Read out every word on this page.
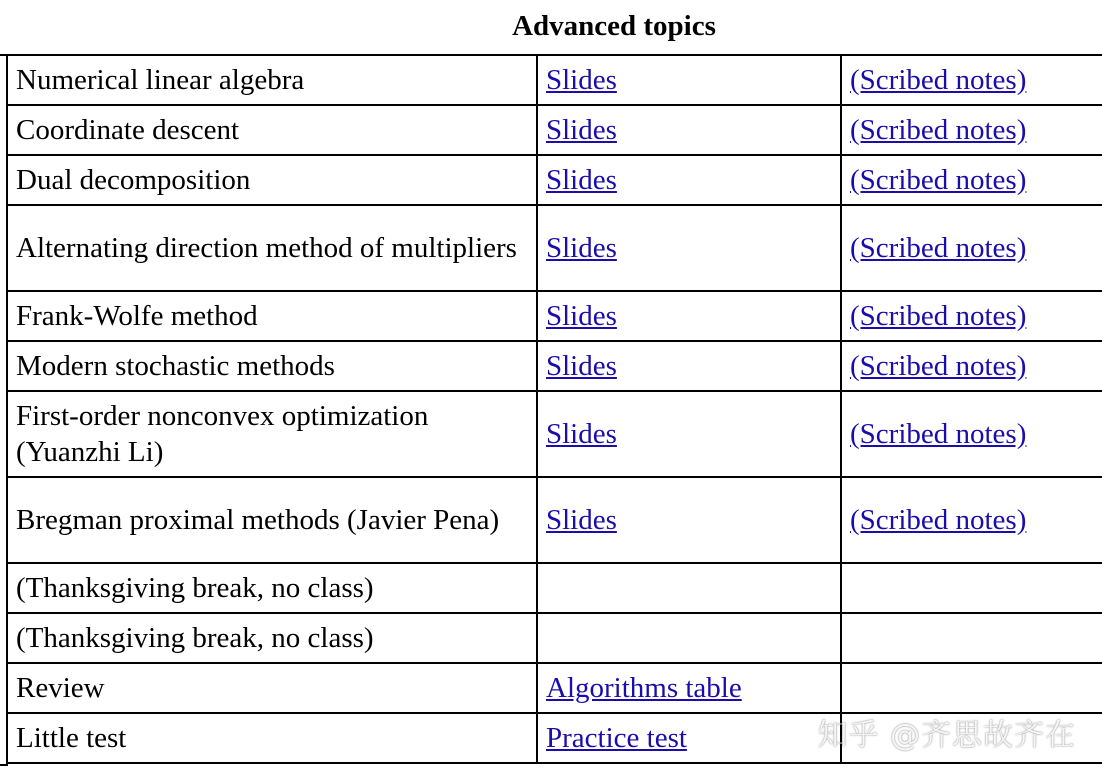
Advanced topics
Numerical linear algebra	Slides	(Scribed notes)	
Coordinate descent	Slides	(Scribed notes)	
Dual decomposition	Slides	(Scribed notes)	
Alternating direction method of multipliers	Slides	(Scribed notes)	
Frank-Wolfe method	Slides	(Scribed notes)	
Modern stochastic methods	Slides	(Scribed notes)	
First-order nonconvex optimization (Yuanzhi Li)	Slides	(Scribed notes)	
Bregman proximal methods (Javier Pena)	Slides	(Scribed notes)	
(Thanksgiving break, no class)			
(Thanksgiving break, no class)			
Review	Algorithms table		
Little test	Practice test			知乎 @齐思故齐在
